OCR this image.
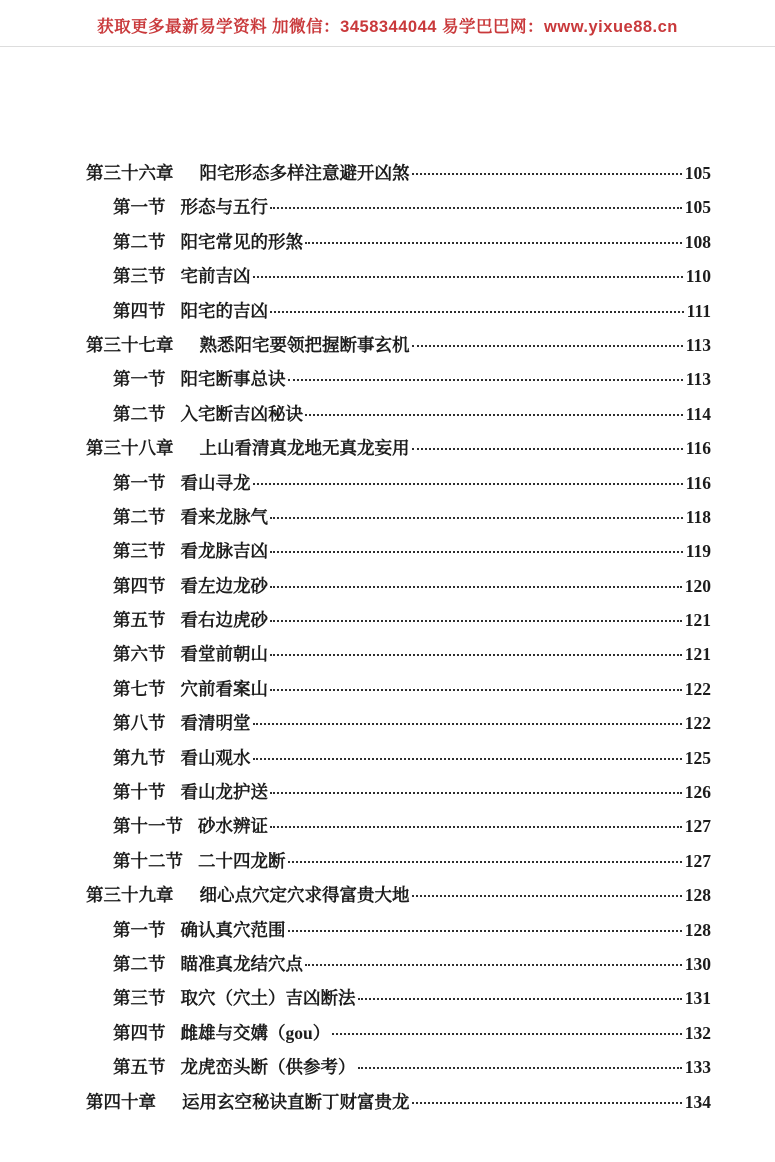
获取更多最新易学资料 加微信：3458344044 易学巴巴网：www.yixue88.cn
第三十六章 阳宅形态多样注意避开凶煞	105
第一节 形态与五行	105
第二节 阳宅常见的形煞	108
第三节 宅前吉凶	110
第四节 阳宅的吉凶	111
第三十七章 熟悉阳宅要领把握断事玄机	113
第一节 阳宅断事总诀	113
第二节 入宅断吉凶秘诀	114
第三十八章 上山看清真龙地无真龙妄用	116
第一节 看山寻龙	116
第二节 看来龙脉气	118
第三节 看龙脉吉凶	119
第四节 看左边龙砂	120
第五节 看右边虎砂	121
第六节 看堂前朝山	121
第七节 穴前看案山	122
第八节 看清明堂	122
第九节 看山观水	125
第十节 看山龙护送	126
第十一节 砂水辨证	127
第十二节 二十四龙断	127
第三十九章 细心点穴定穴求得富贵大地	128
第一节 确认真穴范围	128
第二节 瞄准真龙结穴点	130
第三节 取穴（穴土）吉凶断法	131
第四节 雌雄与交媾（gou）	132
第五节 龙虎峦头断（供参考）	133
第四十章 运用玄空秘诀直断丁财富贵龙	134
